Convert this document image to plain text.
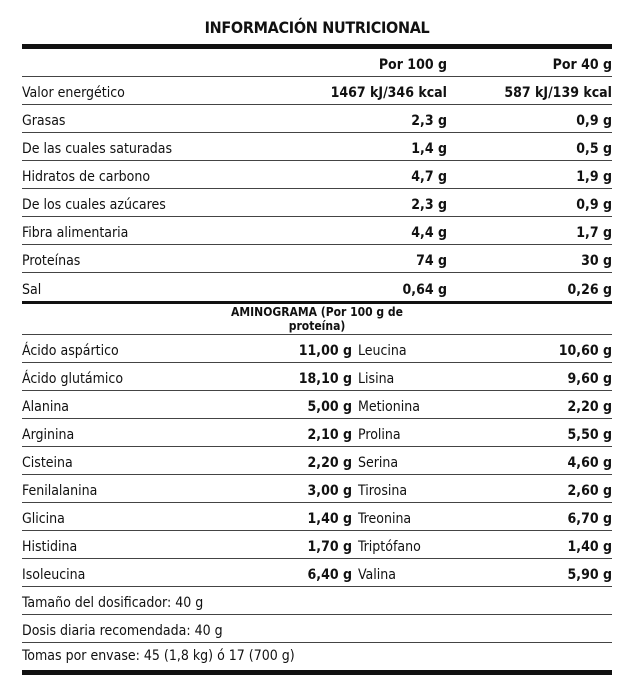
INFORMACIÓN NUTRICIONAL
Por 100 g	Por 40 g
Valor energético	1467 kJ/346 kcal	587 kJ/139 kcal
Grasas	2,3 g	0,9 g
De las cuales saturadas	1,4 g	0,5 g
Hidratos de carbono	4,7 g	1,9 g
De los cuales azúcares	2,3 g	0,9 g
Fibra alimentaria	4,4 g	1,7 g
Proteínas	74 g	30 g
Sal	0,64 g	0,26 g
AMINOGRAMA (Por 100 g de proteína)
Ácido aspártico	11,00 g Leucina	10,60 g
Ácido glutámico	18,10 g Lisina	9,60 g
Alanina	5,00 g Metionina	2,20 g
Arginina	2,10 g Prolina	5,50 g
Cisteina	2,20 g Serina	4,60 g
Fenilalanina	3,00 g Tirosina	2,60 g
Glicina	1,40 g Treonina	6,70 g
Histidina	1,70 g Triptófano	1,40 g
Isoleucina	6,40 g Valina	5,90 g
Tamaño del dosificador: 40 g
Dosis diaria recomendada: 40 g
Tomas por envase: 45 (1,8 kg) ó 17 (700 g)
